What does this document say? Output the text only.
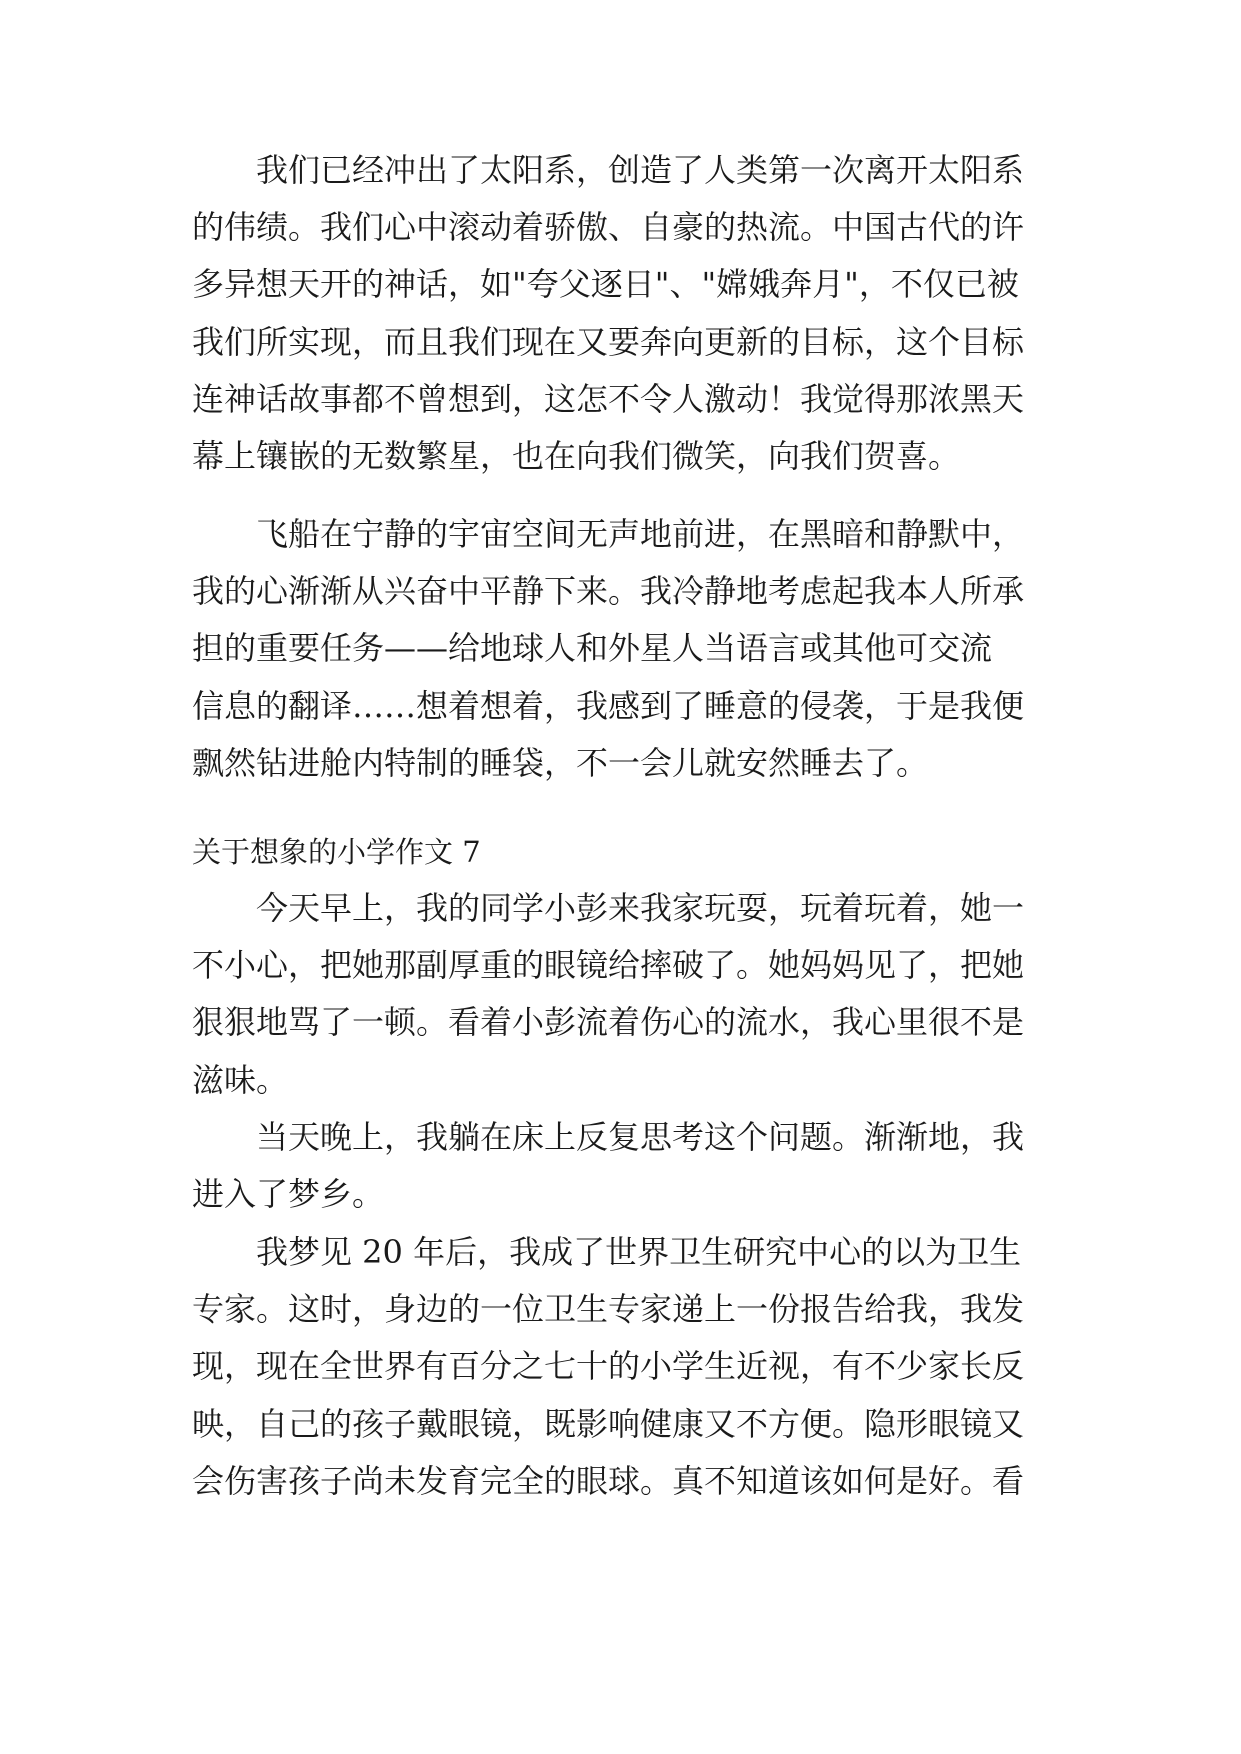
　　我们已经冲出了太阳系，创造了人类第一次离开太阳系
的伟绩。我们心中滚动着骄傲、自豪的热流。中国古代的许
多异想天开的神话，如"夸父逐日"、"嫦娥奔月"，不仅已被
我们所实现，而且我们现在又要奔向更新的目标，这个目标
连神话故事都不曾想到，这怎不令人激动！我觉得那浓黑天
幕上镶嵌的无数繁星，也在向我们微笑，向我们贺喜。
　　飞船在宁静的宇宙空间无声地前进，在黑暗和静默中，
我的心渐渐从兴奋中平静下来。我冷静地考虑起我本人所承
担的重要任务——给地球人和外星人当语言或其他可交流
信息的翻译……想着想着，我感到了睡意的侵袭，于是我便
飘然钻进舱内特制的睡袋，不一会儿就安然睡去了。
关于想象的小学作文 7
　　今天早上，我的同学小彭来我家玩耍，玩着玩着，她一
不小心，把她那副厚重的眼镜给摔破了。她妈妈见了，把她
狠狠地骂了一顿。看着小彭流着伤心的流水，我心里很不是
滋味。
　　当天晚上，我躺在床上反复思考这个问题。渐渐地，我
进入了梦乡。
　　我梦见 20 年后，我成了世界卫生研究中心的以为卫生
专家。这时，身边的一位卫生专家递上一份报告给我，我发
现，现在全世界有百分之七十的小学生近视，有不少家长反
映，自己的孩子戴眼镜，既影响健康又不方便。隐形眼镜又
会伤害孩子尚未发育完全的眼球。真不知道该如何是好。看
